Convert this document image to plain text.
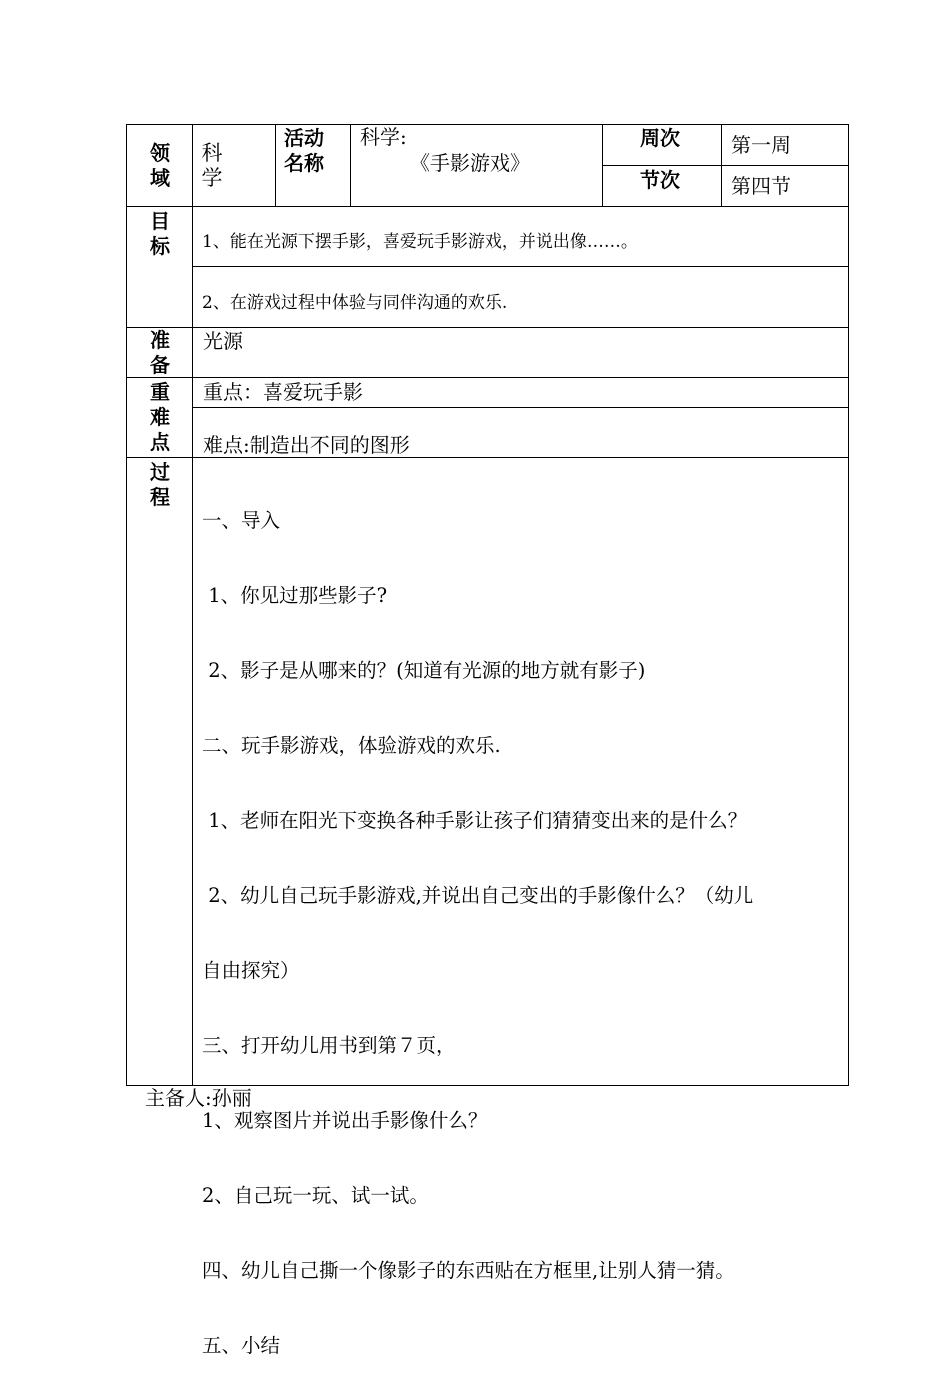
领域
科学
活动名称
科学:
《手影游戏》
周次	第一周
节次	第四节
目标 1、能在光源下摆手影，喜爱玩手影游戏，并说出像……。
2、在游戏过程中体验与同伴沟通的欢乐.
准备
光源
重难点
重点：喜爱玩手影
难点:制造出不同的图形
过程

一、导入

1、你见过那些影子?

2、影子是从哪来的？(知道有光源的地方就有影子)

二、玩手影游戏，体验游戏的欢乐.

1、老师在阳光下变换各种手影让孩子们猜猜变出来的是什么？

2、幼儿自己玩手影游戏,并说出自己变出的手影像什么？（幼儿

自由探究）

三、打开幼儿用书到第７页，

1、观察图片并说出手影像什么？

2、自己玩一玩、试一试。

四、幼儿自己撕一个像影子的东西贴在方框里,让别人猜一猜。

五、小结

主备人:孙丽
